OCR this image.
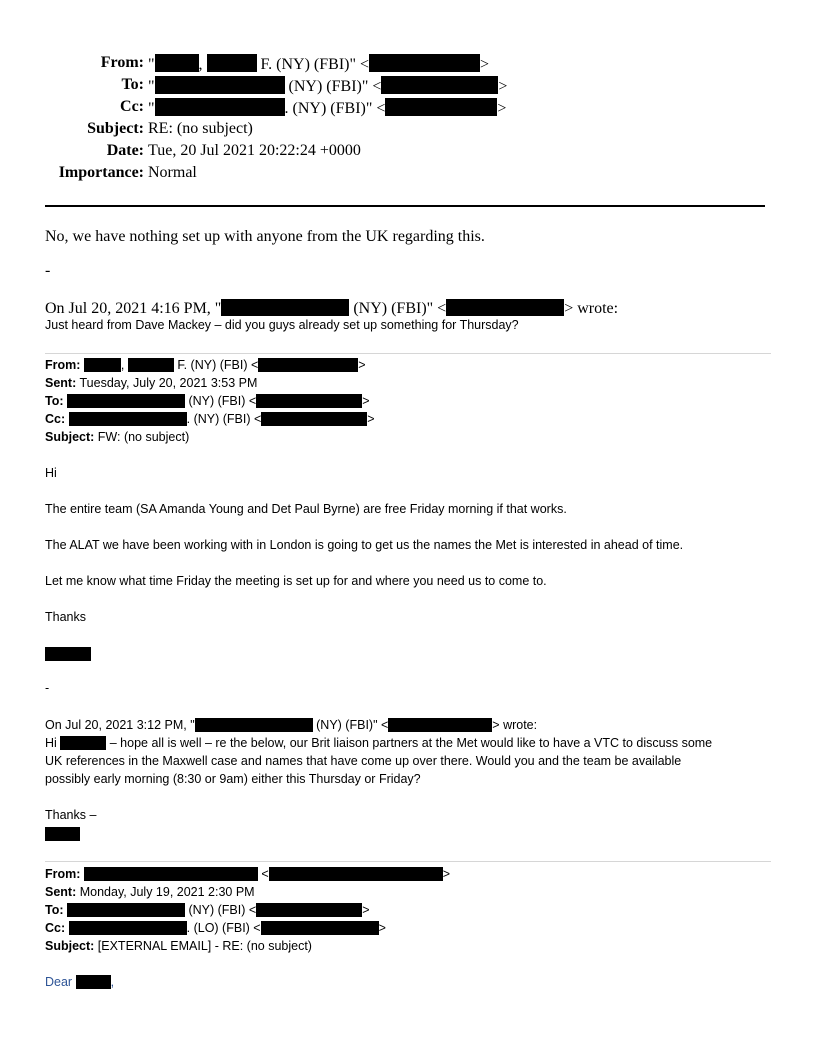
From: "	,	F. (NY) (FBI)" <	>
To: "	(NY) (FBI)" <	>
Cc: "	. (NY) (FBI)" <	>
Subject: RE: (no subject)
Date: Tue, 20 Jul 2021 20:22:24 +0000
Importance: Normal
No, we have nothing set up with anyone from the UK regarding this.
-
On Jul 20, 2021 4:16 PM, "	(NY) (FBI)" <	> wrote:
Just heard from Dave Mackey – did you guys already set up something for Thursday?
From:	,	F. (NY) (FBI) <	>
Sent: Tuesday, July 20, 2021 3:53 PM
To:	(NY) (FBI) <	>
Cc:	. (NY) (FBI) <	>
Subject: FW: (no subject)
Hi
The entire team (SA Amanda Young and Det Paul Byrne) are free Friday morning if that works.
The ALAT we have been working with in London is going to get us the names the Met is interested in ahead of time.
Let me know what time Friday the meeting is set up for and where you need us to come to.
Thanks
-
On Jul 20, 2021 3:12 PM, "	(NY) (FBI)" <	> wrote:
Hi	– hope all is well – re the below, our Brit liaison partners at the Met would like to have a VTC to discuss some
UK references in the Maxwell case and names that have come up over there. Would you and the team be available
possibly early morning (8:30 or 9am) either this Thursday or Friday?
Thanks –
From:	<	>
Sent: Monday, July 19, 2021 2:30 PM
To:	(NY) (FBI) <	>
Cc:	. (LO) (FBI) <	>
Subject: [EXTERNAL EMAIL] - RE: (no subject)
Dear	,
